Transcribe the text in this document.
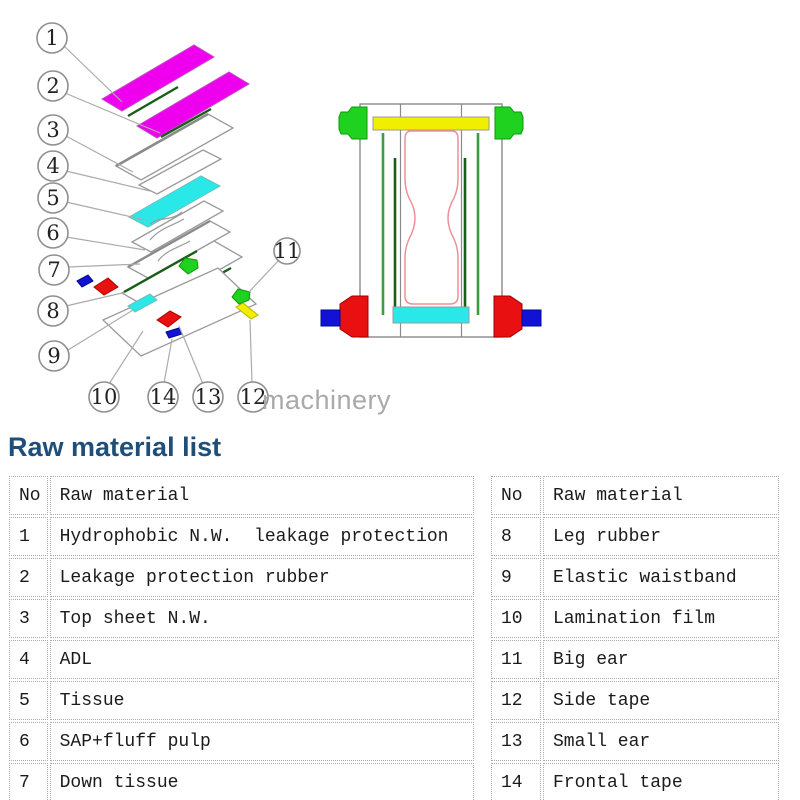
1
2
3
4
5
6
7
8
9
10
11
12
13
14	machinery
Raw material list
No	Raw material
1	Hydrophobic N.W.  leakage protection
2	Leakage protection rubber
3	Top sheet N.W.
4	ADL
5	Tissue
6	SAP+fluff pulp
7	Down tissue
No	Raw material
8	Leg rubber
9	Elastic waistband
10	Lamination film
11	Big ear
12	Side tape
13	Small ear
14	Frontal tape
